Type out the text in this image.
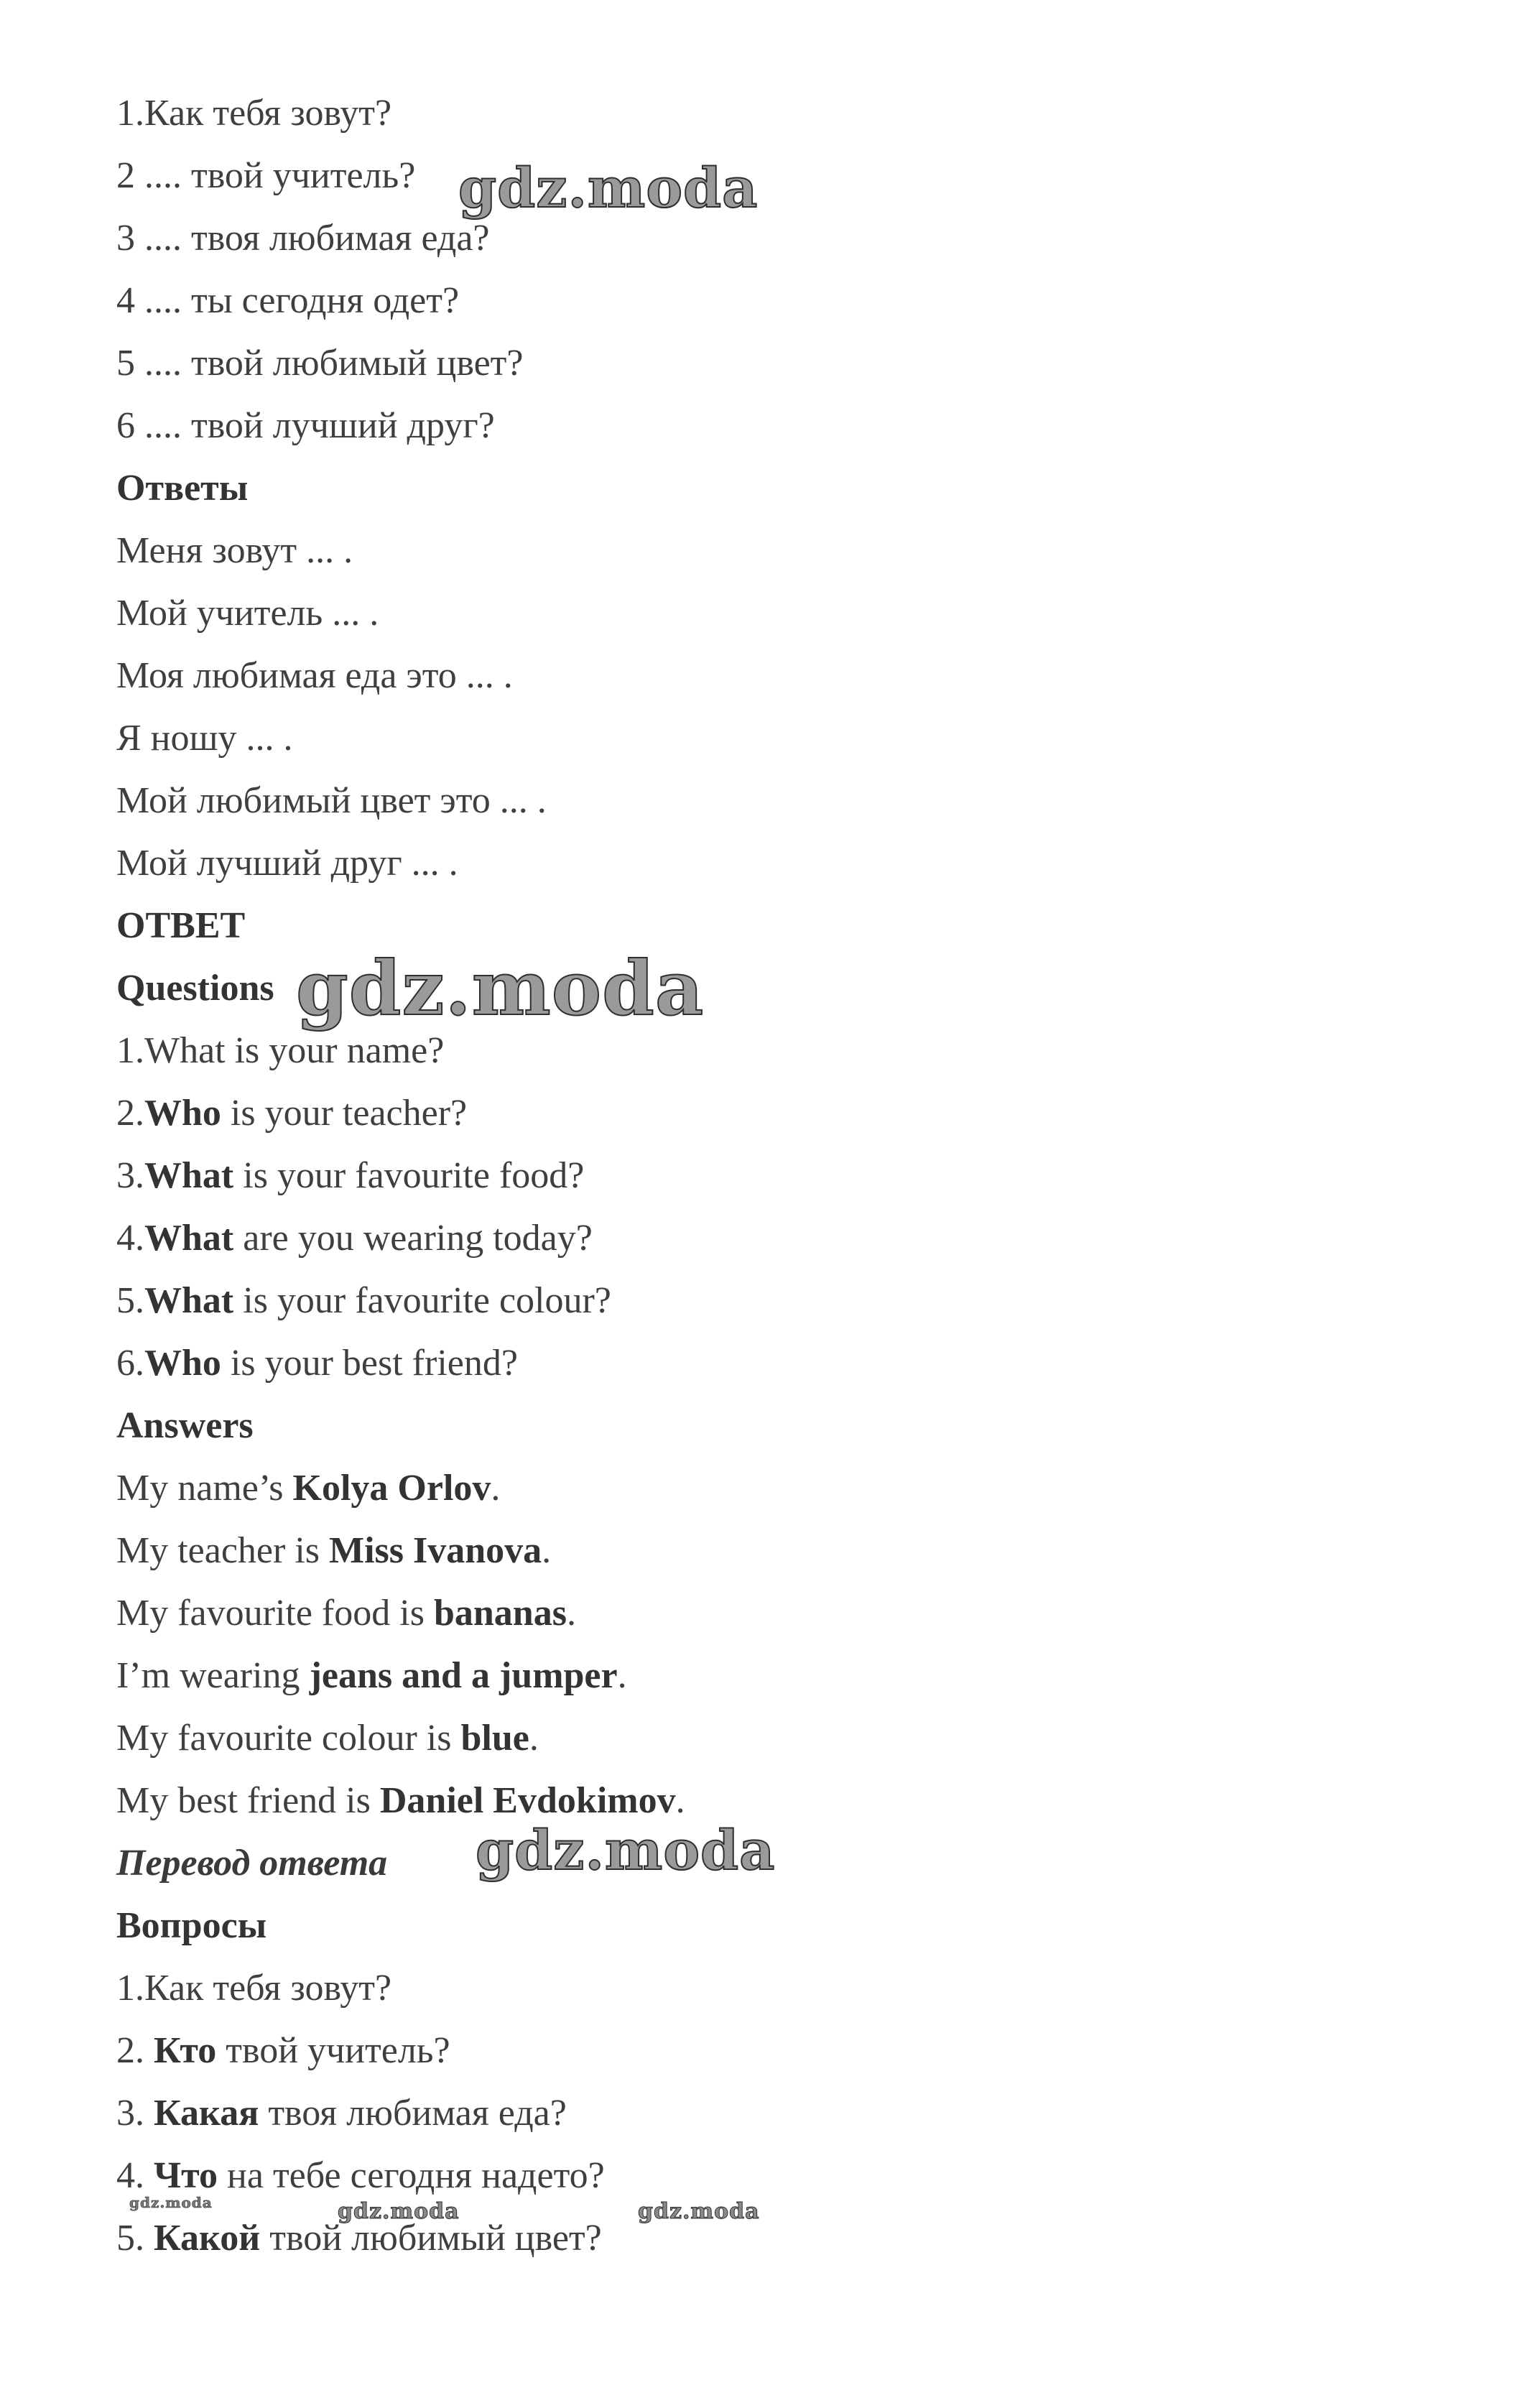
1.Как тебя зовут?

2 .... твой учитель?

3 .... твоя любимая еда?

4 .... ты сегодня одет?

5 .... твой любимый цвет?

6 .... твой лучший друг?

Ответы

Меня зовут ... .

Мой учитель ... .

Моя любимая еда это ... .

Я ношу ... .

Мой любимый цвет это ... .

Мой лучший друг ... .

ОТВЕТ

Questions

1.What is your name?

2.Who is your teacher?

3.What is your favourite food?

4.What are you wearing today?

5.What is your favourite colour?

6.Who is your best friend?

Answers

My name’s Kolya Orlov.

My teacher is Miss Ivanova.

My favourite food is bananas.

I’m wearing jeans and a jumper.

My favourite colour is blue.

My best friend is Daniel Evdokimov.

Перевод ответа

Вопросы

1.Как тебя зовут?

2. Кто твой учитель?

3. Какая твоя любимая еда?

4. Что на тебе сегодня надето?

5. Какой твой любимый цвет?

gdz.moda
gdz.moda
gdz.moda
gdz.moda	gdz.moda	gdz.moda
